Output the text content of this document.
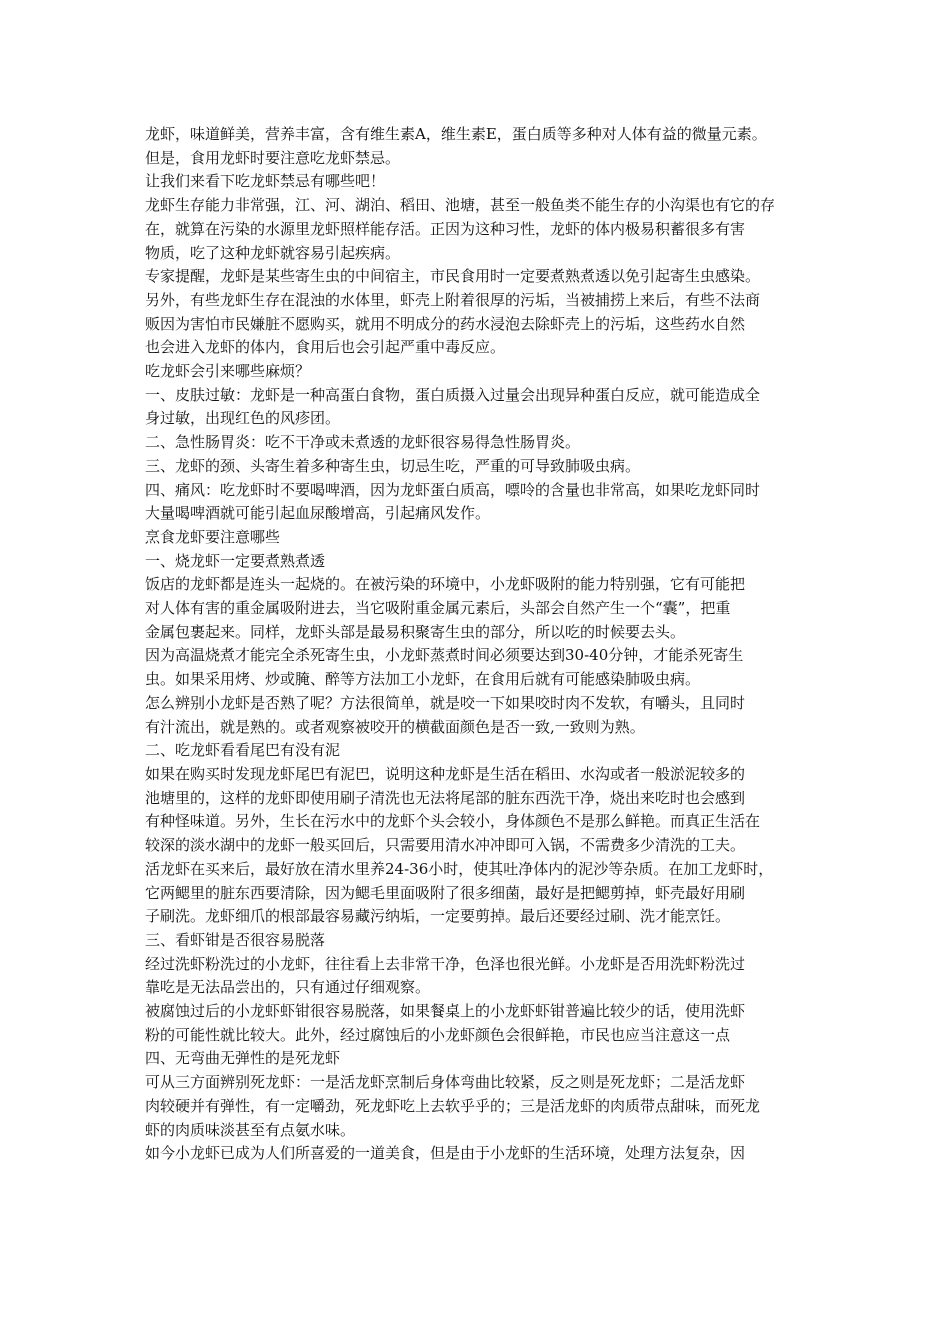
龙虾，味道鲜美，营养丰富，含有维生素A，维生素E，蛋白质等多种对人体有益的微量元素。

但是，食用龙虾时要注意吃龙虾禁忌。

让我们来看下吃龙虾禁忌有哪些吧！

龙虾生存能力非常强，江、河、湖泊、稻田、池塘，甚至一般鱼类不能生存的小沟渠也有它的存
在，就算在污染的水源里龙虾照样能存活。正因为这种习性，龙虾的体内极易积蓄很多有害
物质，吃了这种龙虾就容易引起疾病。

专家提醒，龙虾是某些寄生虫的中间宿主，市民食用时一定要煮熟煮透以免引起寄生虫感染。
另外，有些龙虾生存在混浊的水体里，虾壳上附着很厚的污垢，当被捕捞上来后，有些不法商
贩因为害怕市民嫌脏不愿购买，就用不明成分的药水浸泡去除虾壳上的污垢，这些药水自然
也会进入龙虾的体内，食用后也会引起严重中毒反应。

吃龙虾会引来哪些麻烦？

一、皮肤过敏：龙虾是一种高蛋白食物，蛋白质摄入过量会出现异种蛋白反应，就可能造成全
身过敏，出现红色的风疹团。

二、急性肠胃炎：吃不干净或未煮透的龙虾很容易得急性肠胃炎。

三、龙虾的颈、头寄生着多种寄生虫，切忌生吃，严重的可导致肺吸虫病。

四、痛风：吃龙虾时不要喝啤酒，因为龙虾蛋白质高，嘌呤的含量也非常高，如果吃龙虾同时
大量喝啤酒就可能引起血尿酸增高，引起痛风发作。

烹食龙虾要注意哪些

一、烧龙虾一定要煮熟煮透

饭店的龙虾都是连头一起烧的。在被污染的环境中，小龙虾吸附的能力特别强，它有可能把
对人体有害的重金属吸附进去，当它吸附重金属元素后，头部会自然产生一个“囊”，把重
金属包裹起来。同样，龙虾头部是最易积聚寄生虫的部分，所以吃的时候要去头。

因为高温烧煮才能完全杀死寄生虫，小龙虾蒸煮时间必须要达到30-40分钟，才能杀死寄生
虫。如果采用烤、炒或腌、醉等方法加工小龙虾，在食用后就有可能感染肺吸虫病。

怎么辨别小龙虾是否熟了呢？方法很简单，就是咬一下如果咬时肉不发软，有嚼头，且同时
有汁流出，就是熟的。或者观察被咬开的横截面颜色是否一致,一致则为熟。

二、吃龙虾看看尾巴有没有泥

如果在购买时发现龙虾尾巴有泥巴，说明这种龙虾是生活在稻田、水沟或者一般淤泥较多的
池塘里的，这样的龙虾即使用刷子清洗也无法将尾部的脏东西洗干净，烧出来吃时也会感到
有种怪味道。另外，生长在污水中的龙虾个头会较小，身体颜色不是那么鲜艳。而真正生活在
较深的淡水湖中的龙虾一般买回后，只需要用清水冲冲即可入锅，不需费多少清洗的工夫。

活龙虾在买来后，最好放在清水里养24-36小时，使其吐净体内的泥沙等杂质。在加工龙虾时，
它两鳃里的脏东西要清除，因为鳃毛里面吸附了很多细菌，最好是把鳃剪掉，虾壳最好用刷
子刷洗。龙虾细爪的根部最容易藏污纳垢，一定要剪掉。最后还要经过刷、洗才能烹饪。

三、看虾钳是否很容易脱落

经过洗虾粉洗过的小龙虾，往往看上去非常干净，色泽也很光鲜。小龙虾是否用洗虾粉洗过
靠吃是无法品尝出的，只有通过仔细观察。

被腐蚀过后的小龙虾虾钳很容易脱落，如果餐桌上的小龙虾虾钳普遍比较少的话，使用洗虾
粉的可能性就比较大。此外，经过腐蚀后的小龙虾颜色会很鲜艳，市民也应当注意这一点

四、无弯曲无弹性的是死龙虾

可从三方面辨别死龙虾：一是活龙虾烹制后身体弯曲比较紧，反之则是死龙虾；二是活龙虾
肉较硬并有弹性，有一定嚼劲，死龙虾吃上去软乎乎的；三是活龙虾的肉质带点甜味，而死龙
虾的肉质味淡甚至有点氨水味。

如今小龙虾已成为人们所喜爱的一道美食，但是由于小龙虾的生活环境，处理方法复杂，因
